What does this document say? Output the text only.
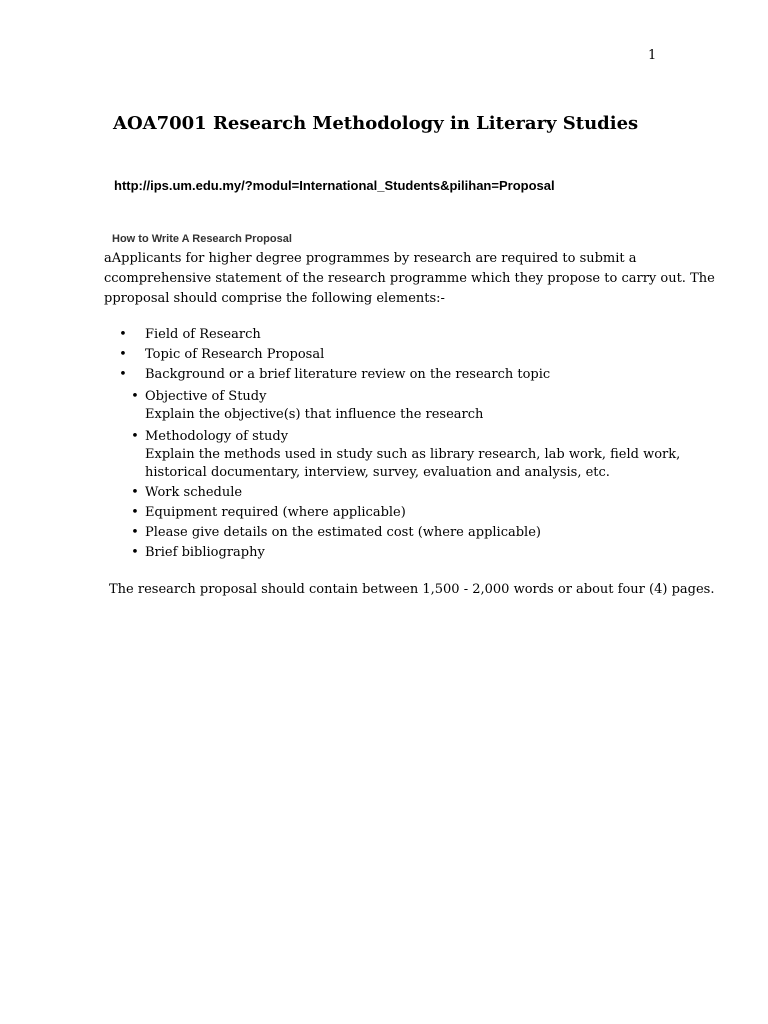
1
AOA7001 Research Methodology in Literary Studies
http://ips.um.edu.my/?modul=International_Students&pilihan=Proposal
How to Write A Research Proposal
aApplicants for higher degree programmes by research are required to submit a
ccomprehensive statement of the research programme which they propose to carry out. The
pproposal should comprise the following elements:-
• Field of Research
• Topic of Research Proposal
• Background or a brief literature review on the research topic
• Objective of Study
Explain the objective(s) that influence the research
• Methodology of study
Explain the methods used in study such as library research, lab work, field work,
historical documentary, interview, survey, evaluation and analysis, etc.
• Work schedule
• Equipment required (where applicable)
• Please give details on the estimated cost (where applicable)
• Brief bibliography
The research proposal should contain between 1,500 - 2,000 words or about four (4) pages.
